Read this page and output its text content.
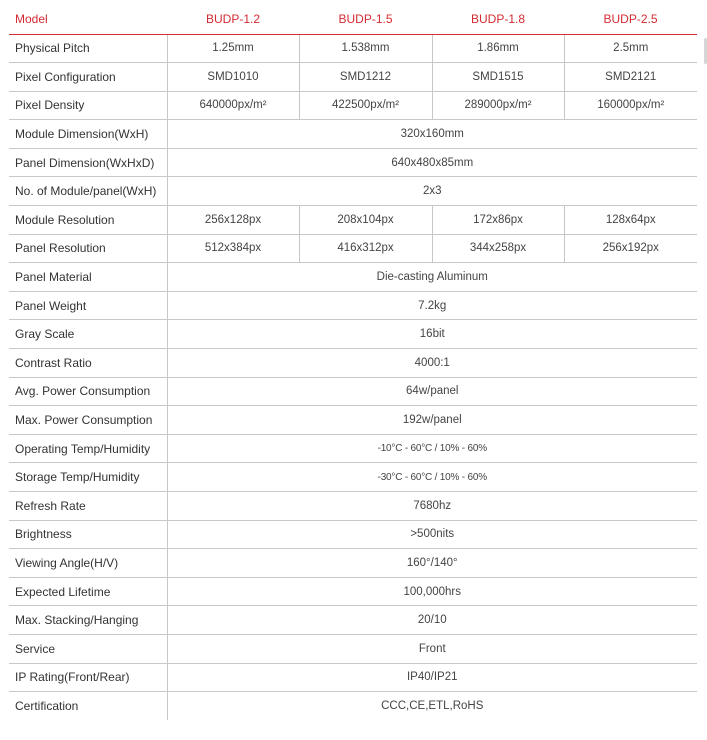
Model	BUDP-1.2	BUDP-1.5	BUDP-1.8	BUDP-2.5
Physical Pitch	1.25mm	1.538mm	1.86mm	2.5mm
Pixel Configuration	SMD1010	SMD1212	SMD1515	SMD2121
Pixel Density	640000px/m²	422500px/m²	289000px/m²	160000px/m²
Module Dimension(WxH)	320x160mm			
Panel Dimension(WxHxD)	640x480x85mm			
No. of Module/panel(WxH)	2x3			
Module Resolution	256x128px	208x104px	172x86px	128x64px
Panel Resolution	512x384px	416x312px	344x258px	256x192px
Panel Material	Die-casting Aluminum			
Panel Weight	7.2kg			
Gray Scale	16bit			
Contrast Ratio	4000:1			
Avg. Power Consumption	64w/panel			
Max. Power Consumption	192w/panel			
Operating Temp/Humidity	-10°C - 60°C / 10% - 60%			
Storage Temp/Humidity	-30°C - 60°C / 10% - 60%			
Refresh Rate	7680hz			
Brightness	>500nits			
Viewing Angle(H/V)	160°/140°			
Expected Lifetime	100,000hrs			
Max. Stacking/Hanging	20/10			
Service	Front			
IP Rating(Front/Rear)	IP40/IP21			
Certification	CCC,CE,ETL,RoHS			
